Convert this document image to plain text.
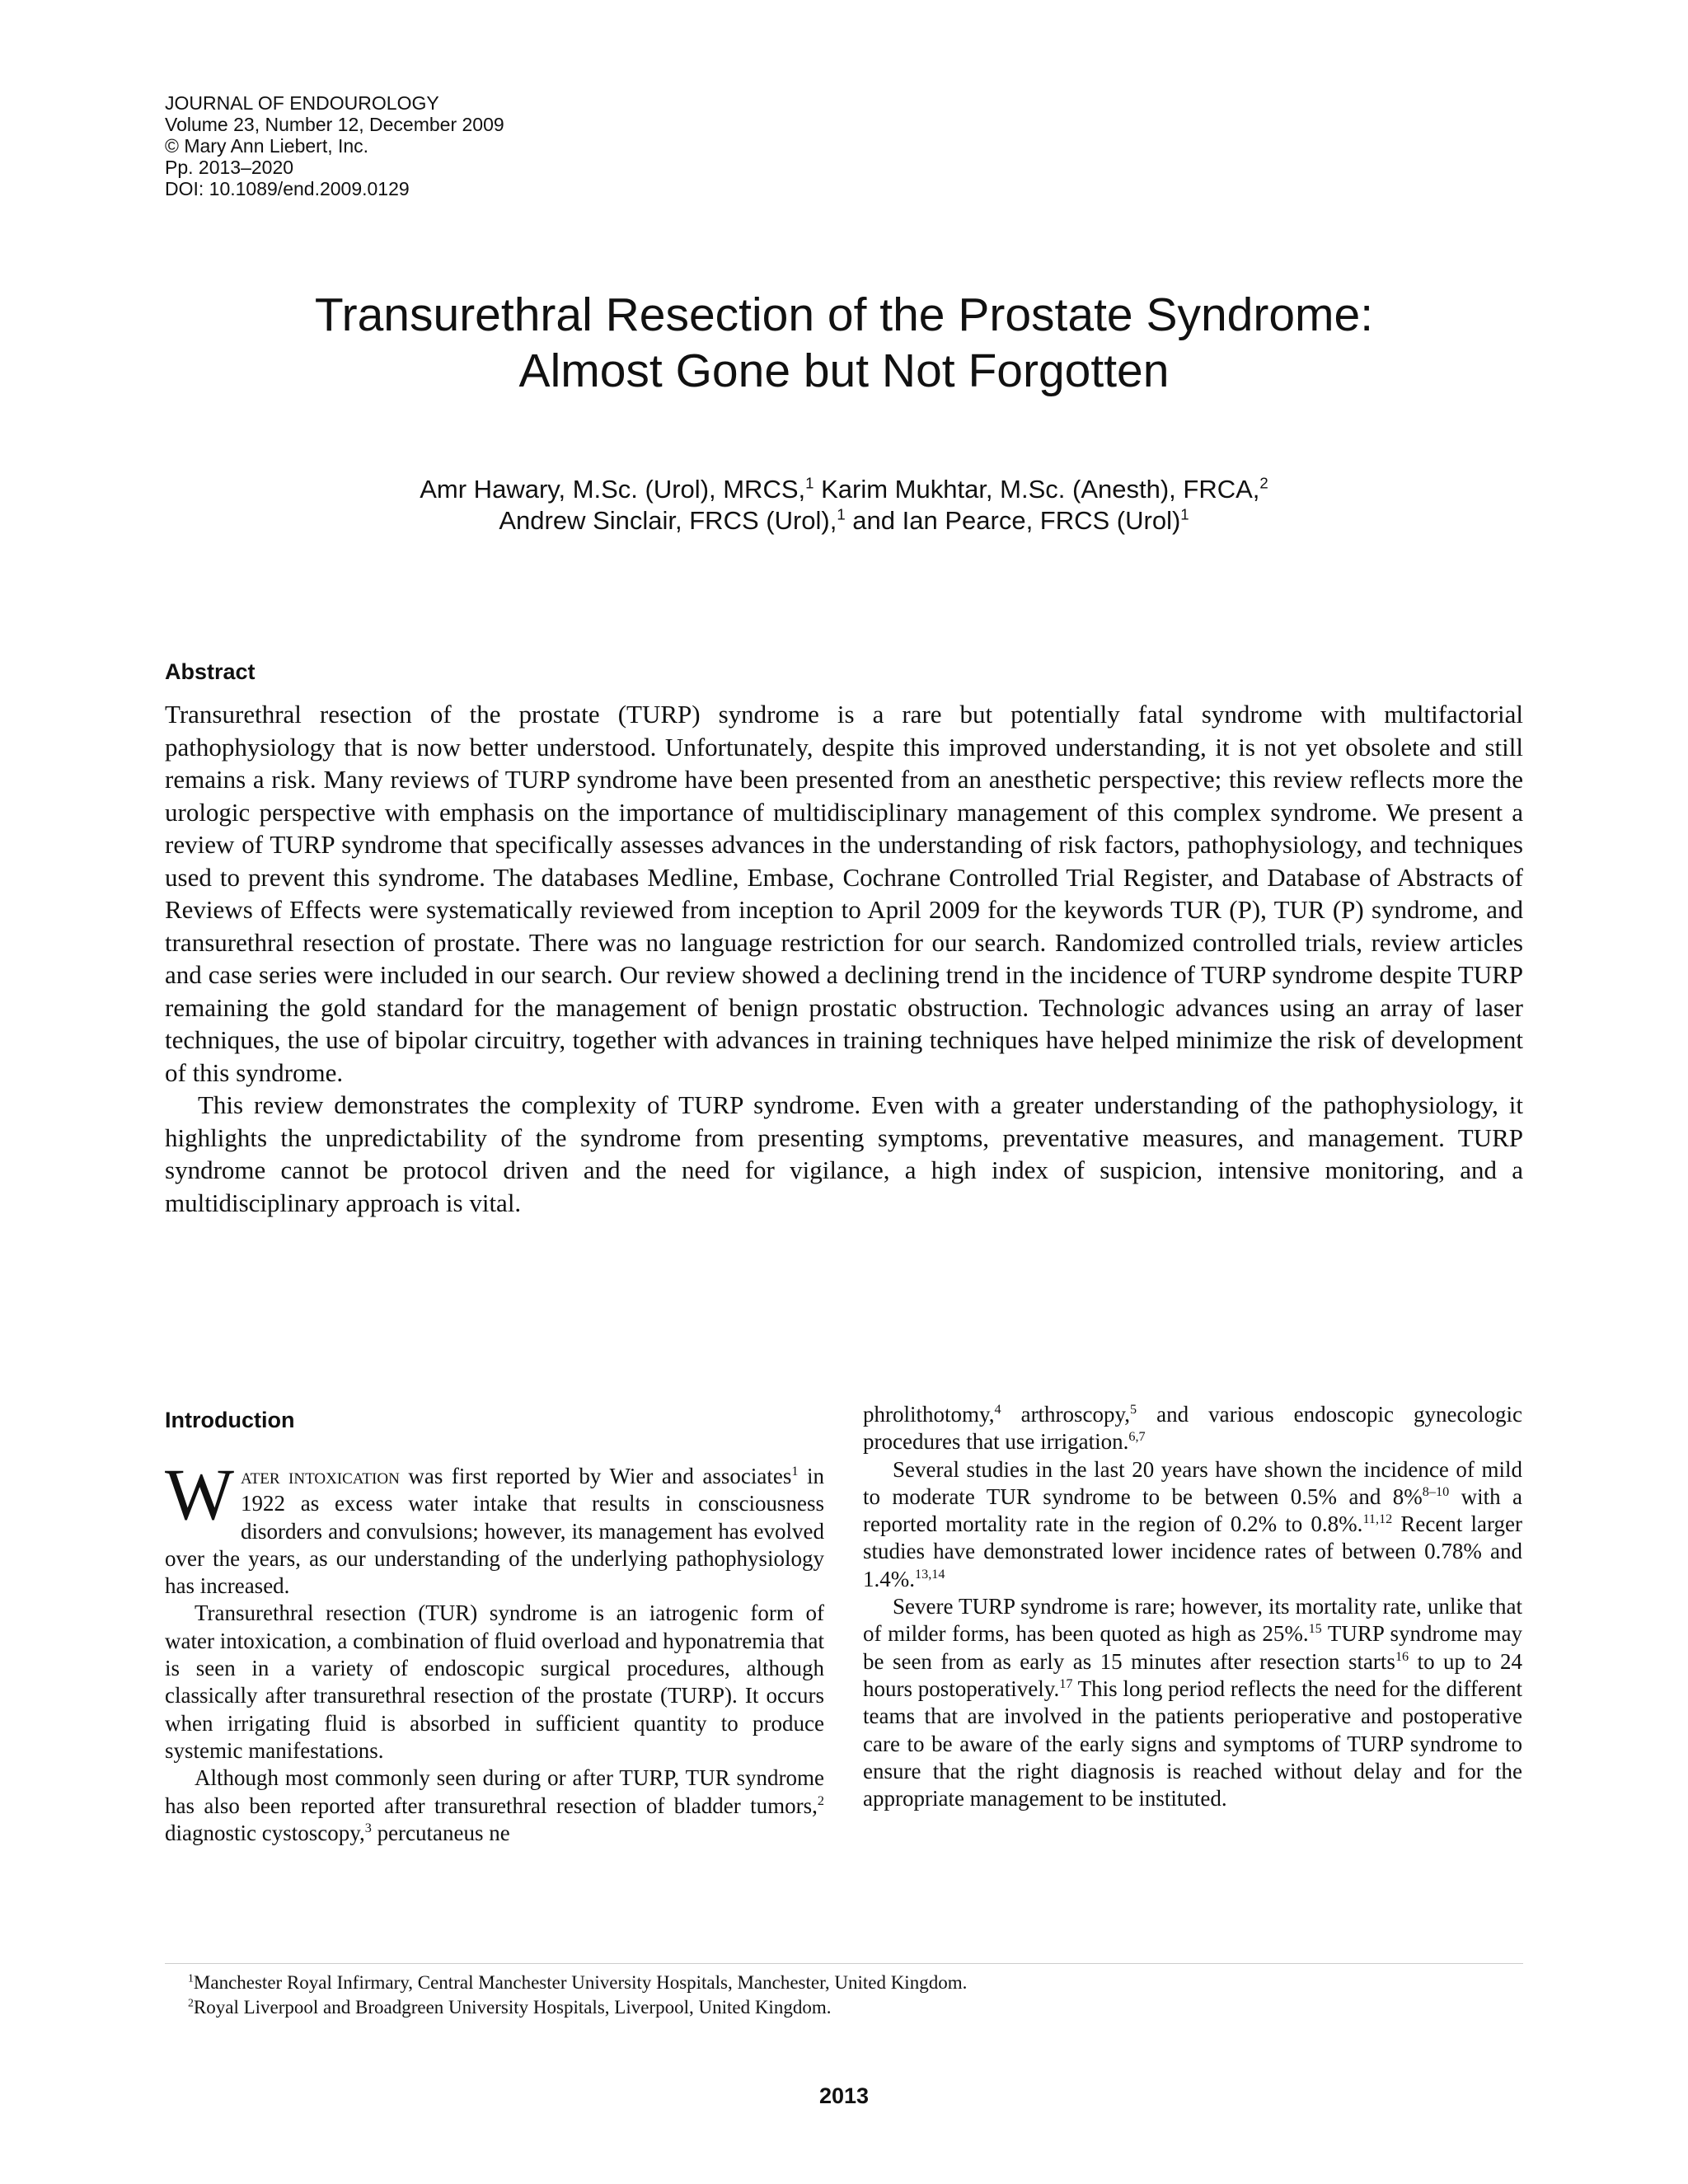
JOURNAL OF ENDOUROLOGY
Volume 23, Number 12, December 2009
© Mary Ann Liebert, Inc.
Pp. 2013–2020
DOI: 10.1089/end.2009.0129
Transurethral Resection of the Prostate Syndrome:
Almost Gone but Not Forgotten
Amr Hawary, M.Sc. (Urol), MRCS,$^1$ Karim Mukhtar, M.Sc. (Anesth), FRCA,$^2$
Andrew Sinclair, FRCS (Urol),$^1$ and Ian Pearce, FRCS (Urol)$^1$
Abstract

Transurethral resection of the prostate (TURP) syndrome is a rare but potentially fatal syndrome with multifactorial pathophysiology that is now better understood. Unfortunately, despite this improved understanding, it is not yet obsolete and still remains a risk. Many reviews of TURP syndrome have been presented from an anesthetic perspective; this review reflects more the urologic perspective with emphasis on the importance of multidisciplinary management of this complex syndrome. We present a review of TURP syndrome that specifically assesses advances in the understanding of risk factors, pathophysiology, and techniques used to prevent this syndrome. The databases Medline, Embase, Cochrane Controlled Trial Register, and Database of Abstracts of Reviews of Effects were systematically reviewed from inception to April 2009 for the keywords TUR (P), TUR (P) syndrome, and transurethral resection of prostate. There was no language restriction for our search. Randomized controlled trials, review articles and case series were included in our search. Our review showed a declining trend in the incidence of TURP syndrome despite TURP remaining the gold standard for the management of benign prostatic obstruction. Technologic advances using an array of laser techniques, the use of bipolar circuitry, together with advances in training techniques have helped minimize the risk of development of this syndrome.

This review demonstrates the complexity of TURP syndrome. Even with a greater understanding of the pathophysiology, it highlights the unpredictability of the syndrome from presenting symptoms, preventative measures, and management. TURP syndrome cannot be protocol driven and the need for vigilance, a high index of suspicion, intensive monitoring, and a multidisciplinary approach is vital.

Introduction

Water intoxication was first reported by Wier and associates$^1$ in 1922 as excess water intake that results in consciousness disorders and convulsions; however, its management has evolved over the years, as our understanding of the underlying pathophysiology has increased.

Transurethral resection (TUR) syndrome is an iatrogenic form of water intoxication, a combination of fluid overload and hyponatremia that is seen in a variety of endoscopic surgical procedures, although classically after transurethral resection of the prostate (TURP). It occurs when irrigating fluid is absorbed in sufficient quantity to produce systemic manifestations.

Although most commonly seen during or after TURP, TUR syndrome has also been reported after transurethral resection of bladder tumors,$^2$ diagnostic cystoscopy,$^3$ percutaneus ne

phrolithotomy,$^4$ arthroscopy,$^5$ and various endoscopic gynecologic procedures that use irrigation.$^{6,7}$

Several studies in the last 20 years have shown the incidence of mild to moderate TUR syndrome to be between 0.5% and 8%$^{8-10}$ with a reported mortality rate in the region of 0.2% to 0.8%.$^{11,12}$ Recent larger studies have demonstrated lower incidence rates of between 0.78% and 1.4%.$^{13,14}$

Severe TURP syndrome is rare; however, its mortality rate, unlike that of milder forms, has been quoted as high as 25%.$^{15}$ TURP syndrome may be seen from as early as 15 minutes after resection starts$^{16}$ to up to 24 hours postoperatively.$^{17}$ This long period reflects the need for the different teams that are involved in the patients perioperative and postoperative care to be aware of the early signs and symptoms of TURP syndrome to ensure that the right diagnosis is reached without delay and for the appropriate management to be instituted.

$^1$Manchester Royal Infirmary, Central Manchester University Hospitals, Manchester, United Kingdom.
$^2$Royal Liverpool and Broadgreen University Hospitals, Liverpool, United Kingdom.
2013
